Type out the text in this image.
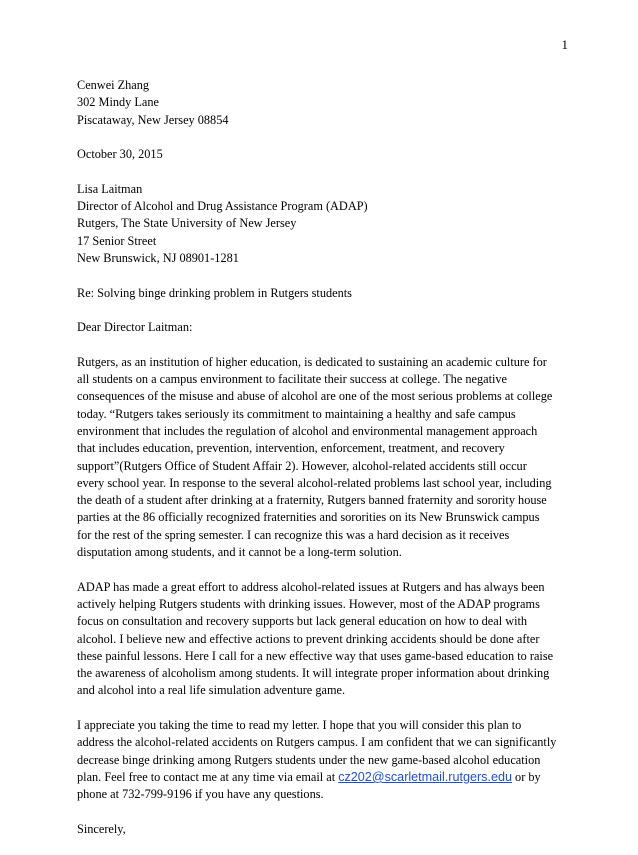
1
Cenwei Zhang
302 Mindy Lane
Piscataway, New Jersey 08854
October 30, 2015
Lisa Laitman
Director of Alcohol and Drug Assistance Program (ADAP)
Rutgers, The State University of New Jersey
17 Senior Street
New Brunswick, NJ 08901-1281
Re: Solving binge drinking problem in Rutgers students
Dear Director Laitman:
Rutgers, as an institution of higher education, is dedicated to sustaining an academic culture for
all students on a campus environment to facilitate their success at college. The negative
consequences of the misuse and abuse of alcohol are one of the most serious problems at college
today. “Rutgers takes seriously its commitment to maintaining a healthy and safe campus
environment that includes the regulation of alcohol and environmental management approach
that includes education, prevention, intervention, enforcement, treatment, and recovery
support”(Rutgers Office of Student Affair 2). However, alcohol-related accidents still occur
every school year. In response to the several alcohol-related problems last school year, including
the death of a student after drinking at a fraternity, Rutgers banned fraternity and sorority house
parties at the 86 officially recognized fraternities and sororities on its New Brunswick campus
for the rest of the spring semester. I can recognize this was a hard decision as it receives
disputation among students, and it cannot be a long-term solution.
ADAP has made a great effort to address alcohol-related issues at Rutgers and has always been
actively helping Rutgers students with drinking issues. However, most of the ADAP programs
focus on consultation and recovery supports but lack general education on how to deal with
alcohol. I believe new and effective actions to prevent drinking accidents should be done after
these painful lessons. Here I call for a new effective way that uses game-based education to raise
the awareness of alcoholism among students. It will integrate proper information about drinking
and alcohol into a real life simulation adventure game.
I appreciate you taking the time to read my letter. I hope that you will consider this plan to
address the alcohol-related accidents on Rutgers campus. I am confident that we can significantly
decrease binge drinking among Rutgers students under the new game-based alcohol education
plan. Feel free to contact me at any time via email at cz202@scarletmail.rutgers.edu or by
phone at 732-799-9196 if you have any questions.
Sincerely,
